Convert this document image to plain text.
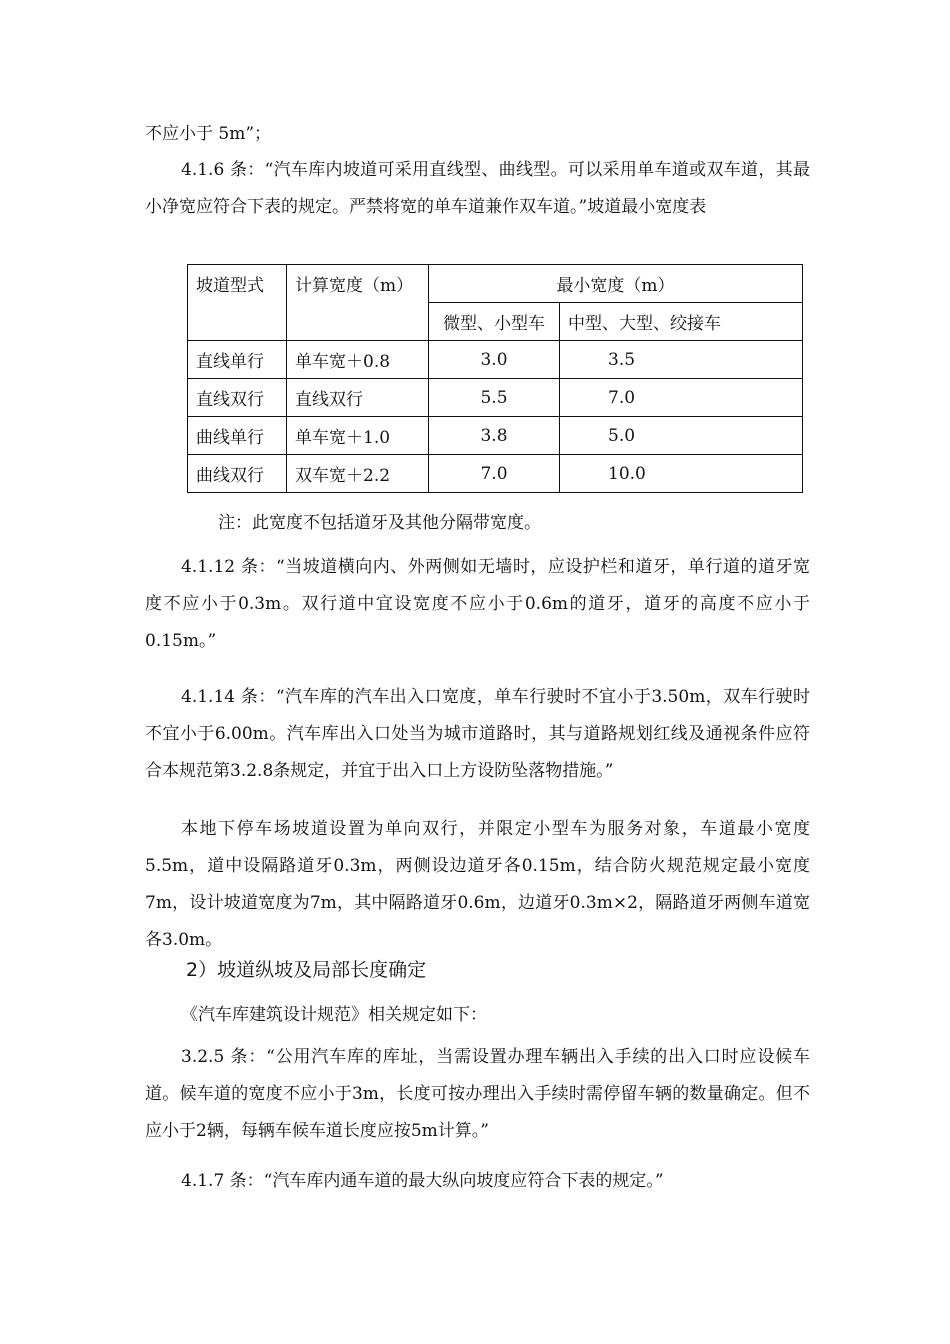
不应小于 5m”；

4.1.6 条：“汽车库内坡道可采用直线型、曲线型。可以采用单车道或双车道，其最小净宽应符合下表的规定。严禁将宽的单车道兼作双车道。”坡道最小宽度表

坡道型式	计算宽度（m）	最小宽度（m）	
		微型、小型车	中型、大型、绞接车
直线单行	单车宽＋0.8	3.0	3.5
直线双行	直线双行	5.5	7.0
曲线单行	单车宽＋1.0	3.8	5.0
曲线双行	双车宽＋2.2	7.0	10.0
注：此宽度不包括道牙及其他分隔带宽度。

4.1.12 条：“当坡道横向内、外两侧如无墙时，应设护栏和道牙，单行道的道牙宽度不应小于0.3m。双行道中宜设宽度不应小于0.6m的道牙，道牙的高度不应小于0.15m。”

4.1.14 条：“汽车库的汽车出入口宽度，单车行驶时不宜小于3.50m，双车行驶时不宜小于6.00m。汽车库出入口处当为城市道路时，其与道路规划红线及通视条件应符合本规范第3.2.8条规定，并宜于出入口上方设防坠落物措施。”

本地下停车场坡道设置为单向双行，并限定小型车为服务对象，车道最小宽度5.5m，道中设隔路道牙0.3m，两侧设边道牙各0.15m，结合防火规范规定最小宽度7m，设计坡道宽度为7m，其中隔路道牙0.6m，边道牙0.3m×2，隔路道牙两侧车道宽各3.0m。

2）坡道纵坡及局部长度确定

《汽车库建筑设计规范》相关规定如下：

3.2.5 条：“公用汽车库的库址，当需设置办理车辆出入手续的出入口时应设候车道。候车道的宽度不应小于3m，长度可按办理出入手续时需停留车辆的数量确定。但不应小于2辆，每辆车候车道长度应按5m计算。”

4.1.7 条：“汽车库内通车道的最大纵向坡度应符合下表的规定。”
